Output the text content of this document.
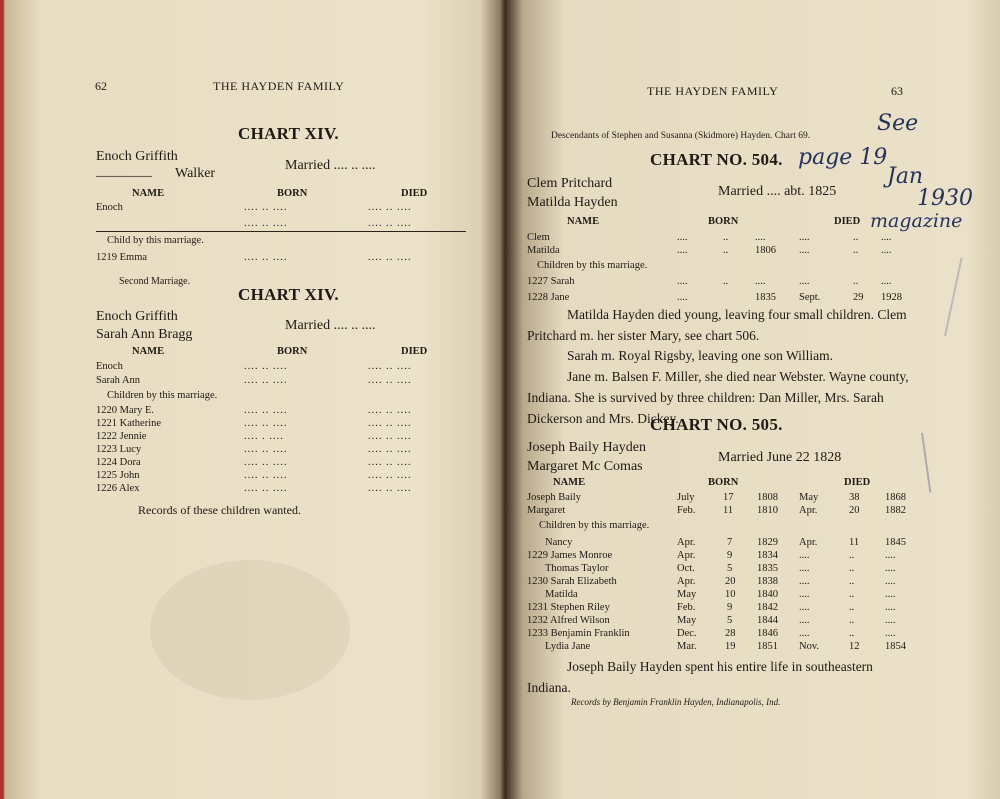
62	THE HAYDEN FAMILY
CHART XIV.
Enoch Griffith
________ Walker
Married .... .. ....
NAME	BORN	DIED
Enoch	.... .. ....	.... .. ....
.... .. ....	.... .. ....
Child by this marriage.
1219 Emma	.... .. ....	.... .. ....
Second Marriage.
CHART XIV.
Enoch Griffith
Sarah Ann Bragg
Married .... .. ....
NAME	BORN	DIED
Enoch	.... .. ....	.... .. ....
Sarah Ann	.... .. ....	.... .. ....
Children by this marriage.
1220 Mary E.	.... .. ....	.... .. ....
1221 Katherine	.... .. ....	.... .. ....
1222 Jennie	.... . ....	.... .. ....
1223 Lucy	.... .. ....	.... .. ....
1224 Dora	.... .. ....	.... .. ....
1225 John	.... .. ....	.... .. ....
1226 Alex	.... .. ....	.... .. ....
Records of these children wanted.
THE HAYDEN FAMILY	63
Descendants of Stephen and Susanna (Skidmore) Hayden. Chart 69.	See
page 19
Jan
1930
magazine
CHART NO. 504.
Clem Pritchard
Matilda Hayden
Married .... abt. 1825
NAME	BORN	DIED
Clem	....	..	....	....	.. ....
Matilda	....	..	1806 ....	.. ....
Children by this marriage.
1227 Sarah	....	..	....	....	.. ....
1228 Jane	....	1835 Sept.	29 1928
Matilda Hayden died young, leaving four small children. Clem Pritchard m. her sister Mary, see chart 506.
Sarah m. Royal Rigsby, leaving one son William.
Jane m. Balsen F. Miller, she died near Webster. Wayne county, Indiana. She is survived by three children: Dan Miller, Mrs. Sarah Dickerson and Mrs. Dickey.
CHART NO. 505.
Joseph Baily Hayden
Margaret Mc Comas
Married June 22 1828
NAME	BORN	DIED
Joseph Baily	July	17 1808 May	38 1868
Margaret	Feb.	11 1810 Apr.	20 1882
Children by this marriage.
Nancy	Apr.	7 1829 Apr.	11 1845
1229 James Monroe	Apr.	9 1834 ....	..	....
Thomas Taylor	Oct.	5 1835 ....	..	....
1230 Sarah Elizabeth	Apr.	20 1838 ....	..	....
Matilda	May	10 1840 ....	..	....
1231 Stephen Riley	Feb.	9 1842 ....	..	....
1232 Alfred Wilson	May	5 1844 ....	..	....
1233 Benjamin Franklin	Dec.	28 1846 ....	..	....
Lydia Jane	Mar.	19 1851 Nov.	12 1854
Joseph Baily Hayden spent his entire life in southeastern Indiana.
Records by Benjamin Franklin Hayden, Indianapolis, Ind.
